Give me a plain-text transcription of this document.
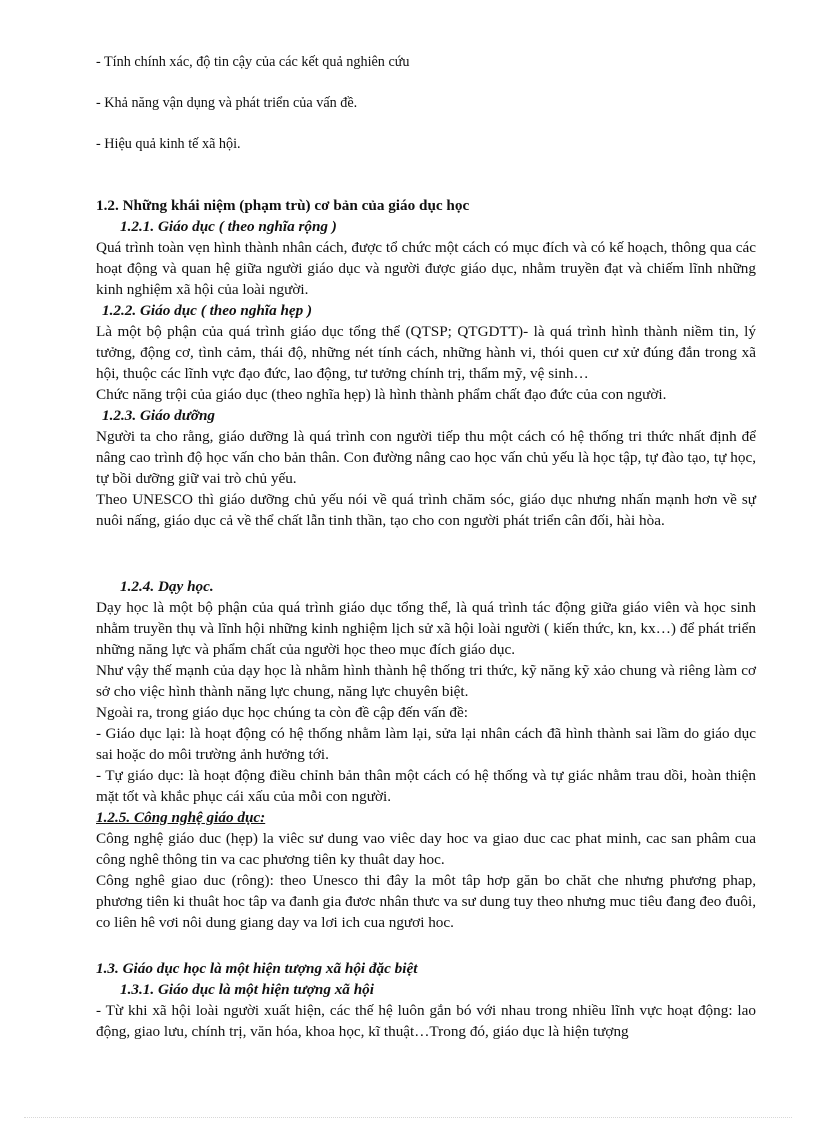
- Tính chính xác, độ tin cậy của các kết quả nghiên cứu

- Khả năng vận dụng và phát triển của vấn đề.

- Hiệu quả kinh tế xã hội.

1.2. Những khái niệm (phạm trù) cơ bản của giáo dục học

1.2.1. Giáo dục ( theo nghĩa rộng )

Quá trình toàn vẹn hình thành nhân cách, được tổ chức một cách có mục đích và có kế hoạch, thông qua các hoạt động và quan hệ giữa người giáo dục và người được giáo dục, nhằm truyền đạt và chiếm lĩnh những kinh nghiệm xã hội của loài người.

1.2.2. Giáo dục ( theo nghĩa hẹp )

Là một bộ phận của quá trình giáo dục tổng thể (QTSP; QTGDTT)- là quá trình hình thành niềm tin, lý tưởng, động cơ, tình cảm, thái độ, những nét tính cách, những hành vi, thói quen cư xử đúng đắn trong xã hội, thuộc các lĩnh vực đạo đức, lao động, tư tưởng chính trị, thẩm mỹ, vệ sinh…

Chức năng trội của giáo dục (theo nghĩa hẹp) là hình thành phẩm chất đạo đức của con người.

1.2.3. Giáo dưỡng

Người ta cho rằng, giáo dưỡng là quá trình con người tiếp thu một cách có hệ thống tri thức nhất định để nâng cao trình độ học vấn cho bản thân. Con đường nâng cao học vấn chủ yếu là học tập, tự đào tạo, tự học, tự bồi dưỡng giữ vai trò chủ yếu.

Theo UNESCO thì giáo dưỡng chủ yếu nói về quá trình chăm sóc, giáo dục nhưng nhấn mạnh hơn về sự nuôi nấng, giáo dục cả về thể chất lẫn tinh thần, tạo cho con người phát triển cân đối, hài hòa.

1.2.4. Dạy học.

Dạy học là một bộ phận của quá trình giáo dục tổng thể, là quá trình tác động giữa giáo viên và học sinh nhằm truyền thụ và lĩnh hội những kinh nghiệm lịch sử xã hội loài người ( kiến thức, kn, kx…) để phát triển những năng lực và phẩm chất của người học theo mục đích giáo dục.

Như vậy thế mạnh của dạy học là nhằm hình thành hệ thống tri thức, kỹ năng kỹ xảo chung và riêng làm cơ sở cho việc hình thành năng lực chung, năng lực chuyên biệt.

Ngoài ra, trong giáo dục học chúng ta còn đề cập đến vấn đề:

- Giáo dục lại: là hoạt động có hệ thống nhằm làm lại, sửa lại nhân cách đã hình thành sai lầm do giáo dục sai hoặc do môi trường ảnh hưởng tới.

- Tự giáo dục: là hoạt động điều chỉnh bản thân một cách có hệ thống và tự giác nhằm trau dồi, hoàn thiện mặt tốt và khắc phục cái xấu của mỗi con người.

1.2.5. Công nghệ giáo dục:

Công nghệ giáo duc (hẹp) la viêc sư dung vao viêc day hoc va giao duc cac phat minh, cac san phâm cua công nghê thông tin va cac phương tiên ky thuât day hoc.

Công nghê giao duc (rông): theo Unesco thi đây la môt tâp hơp găn bo chăt che nhưng phương phap, phương tiên ki thuât hoc tâp va đanh gia đươc nhân thưc va sư dung tuy theo nhưng muc tiêu đang đeo đuôi, co liên hê vơi nôi dung giang day va lơi ich cua ngươi hoc.

1.3. Giáo dục học là một hiện tượng xã hội đặc biệt

1.3.1. Giáo dục là một hiện tượng xã hội

- Từ khi xã hội loài người xuất hiện, các thế hệ luôn gắn bó với nhau trong nhiều lĩnh vực hoạt động: lao động, giao lưu, chính trị, văn hóa, khoa học, kĩ thuật…Trong đó, giáo dục là hiện tượng
